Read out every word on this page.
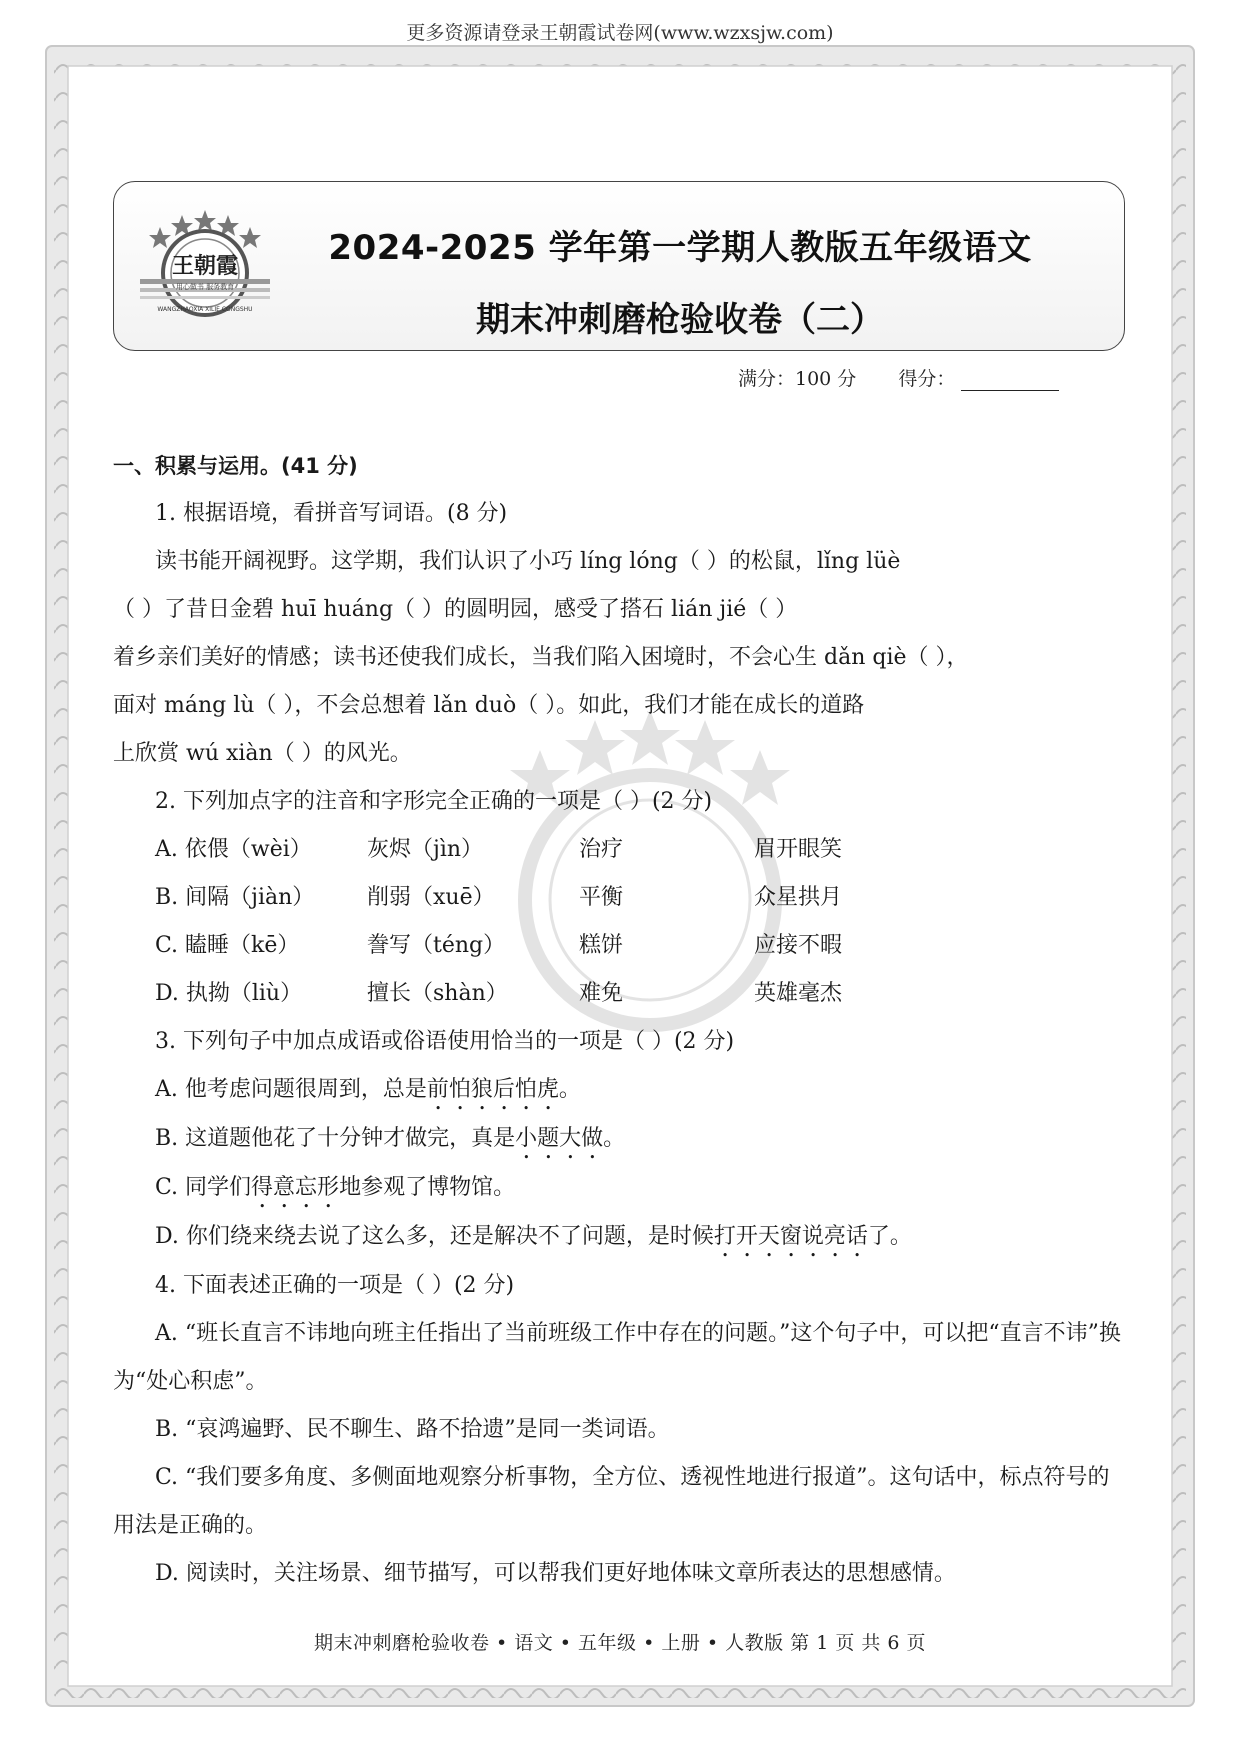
更多资源请登录王朝霞试卷网(www.wzxsjw.com)
王朝霞
用心做书 服务教育
WANGZHAOXIA XILIE CONGSHU
2024-2025 学年第一学期人教版五年级语文
期末冲刺磨枪验收卷（二）
满分：100 分 得分：

一、积累与运用。(41 分)

1. 根据语境，看拼音写词语。(8 分)

读书能开阔视野。这学期，我们认识了小巧 líng lóng（ ）的松鼠，lǐng lüè

（ ）了昔日金碧 huī huáng（ ）的圆明园，感受了搭石 lián jié（ ）

着乡亲们美好的情感；读书还使我们成长，当我们陷入困境时，不会心生 dǎn qiè（ ），

面对 máng lù（ ），不会总想着 lǎn duò（ ）。如此，我们才能在成长的道路

上欣赏 wú xiàn（ ）的风光。

2. 下列加点字的注音和字形完全正确的一项是（ ）(2 分)

A. 依偎（wèi）	灰烬（jìn）	治疗	眉开眼笑
B. 间隔（jiàn）	削弱（xuē）	平衡	众星拱月
C. 瞌睡（kē）	誊写（téng）	糕饼	应接不暇
D. 执拗（liù）	擅长（shàn）	难免	英雄毫杰

3. 下列句子中加点成语或俗语使用恰当的一项是（ ）(2 分)

A. 他考虑问题很周到，总是前怕狼后怕虎。

B. 这道题他花了十分钟才做完，真是小题大做。

C. 同学们得意忘形地参观了博物馆。

D. 你们绕来绕去说了这么多，还是解决不了问题，是时候打开天窗说亮话了。

4. 下面表述正确的一项是（ ）(2 分)

A. “班长直言不讳地向班主任指出了当前班级工作中存在的问题。”这个句子中，可以把“直言不讳”换为“处心积虑”。

B. “哀鸿遍野、民不聊生、路不拾遗”是同一类词语。

C. “我们要多角度、多侧面地观察分析事物，全方位、透视性地进行报道”。这句话中，标点符号的用法是正确的。

D. 阅读时，关注场景、细节描写，可以帮我们更好地体味文章所表达的思想感情。

期末冲刺磨枪验收卷 • 语文 • 五年级 • 上册 • 人教版 第 1 页 共 6 页
